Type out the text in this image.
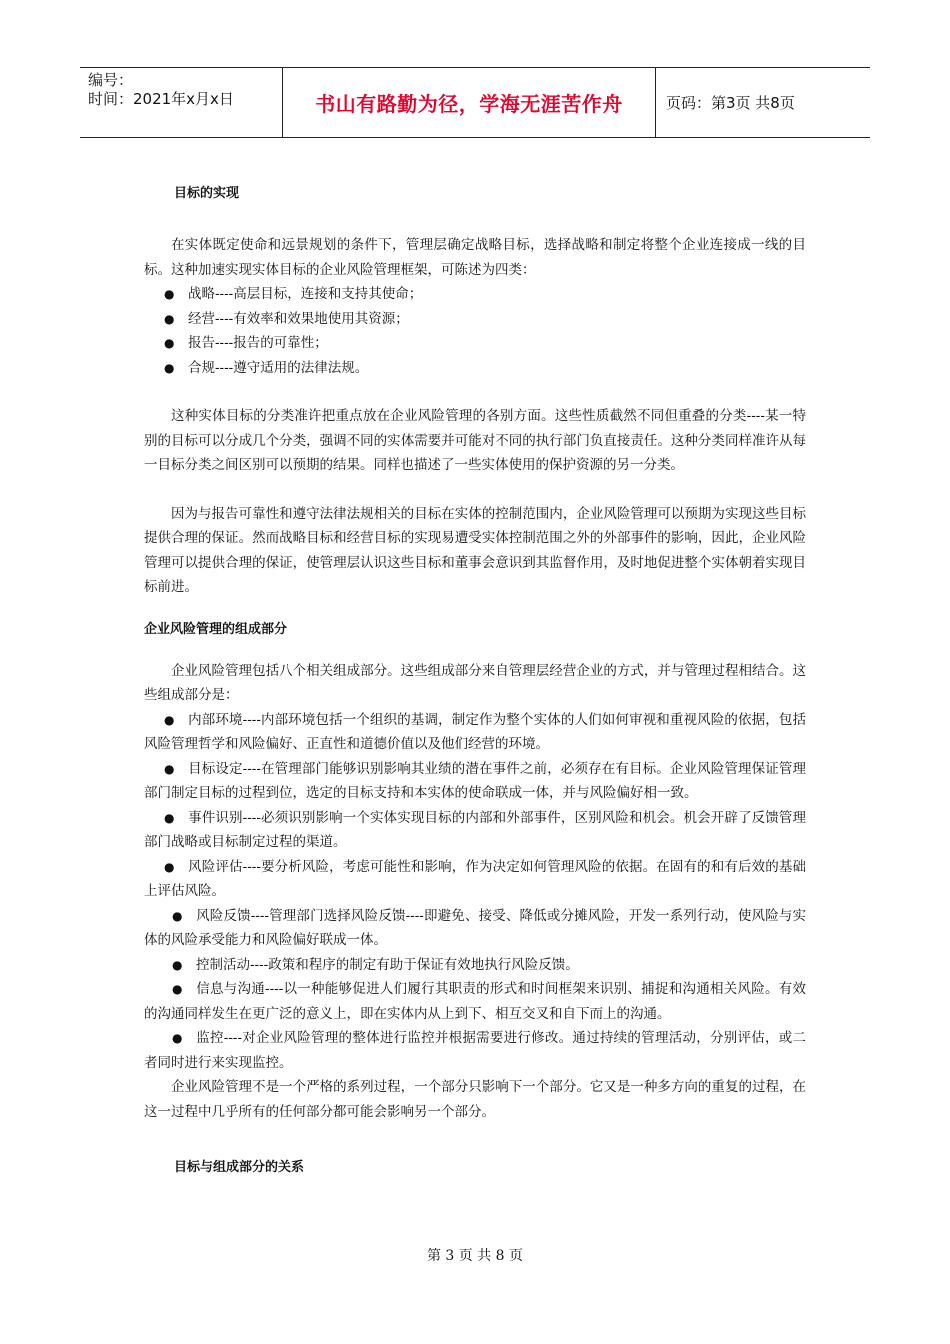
编号：
时间：2021年x月x日	书山有路勤为径，学海无涯苦作舟	页码：第3页 共8页
目标的实现

在实体既定使命和远景规划的条件下，管理层确定战略目标，选择战略和制定将整个企业连接成一线的目标。这种加速实现实体目标的企业风险管理框架，可陈述为四类：

● 战略----高层目标，连接和支持其使命；

● 经营----有效率和效果地使用其资源；

● 报告----报告的可靠性；

● 合规----遵守适用的法律法规。

这种实体目标的分类准许把重点放在企业风险管理的各别方面。这些性质截然不同但重叠的分类----某一特别的目标可以分成几个分类，强调不同的实体需要并可能对不同的执行部门负直接责任。这种分类同样准许从每一目标分类之间区别可以预期的结果。同样也描述了一些实体使用的保护资源的另一分类。

因为与报告可靠性和遵守法律法规相关的目标在实体的控制范围内，企业风险管理可以预期为实现这些目标提供合理的保证。然而战略目标和经营目标的实现易遭受实体控制范围之外的外部事件的影响，因此，企业风险管理可以提供合理的保证，使管理层认识这些目标和董事会意识到其监督作用，及时地促进整个实体朝着实现目标前进。

企业风险管理的组成部分

企业风险管理包括八个相关组成部分。这些组成部分来自管理层经营企业的方式，并与管理过程相结合。这些组成部分是：

● 内部环境----内部环境包括一个组织的基调，制定作为整个实体的人们如何审视和重视风险的依据，包括风险管理哲学和风险偏好、正直性和道德价值以及他们经营的环境。

● 目标设定----在管理部门能够识别影响其业绩的潜在事件之前，必须存在有目标。企业风险管理保证管理部门制定目标的过程到位，选定的目标支持和本实体的使命联成一体，并与风险偏好相一致。

● 事件识别----必须识别影响一个实体实现目标的内部和外部事件，区别风险和机会。机会开辟了反馈管理部门战略或目标制定过程的渠道。

● 风险评估----要分析风险，考虑可能性和影响，作为决定如何管理风险的依据。在固有的和有后效的基础上评估风险。

● 风险反馈----管理部门选择风险反馈----即避免、接受、降低或分摊风险，开发一系列行动，使风险与实体的风险承受能力和风险偏好联成一体。

● 控制活动----政策和程序的制定有助于保证有效地执行风险反馈。

● 信息与沟通----以一种能够促进人们履行其职责的形式和时间框架来识别、捕捉和沟通相关风险。有效的沟通同样发生在更广泛的意义上，即在实体内从上到下、相互交叉和自下而上的沟通。

● 监控----对企业风险管理的整体进行监控并根据需要进行修改。通过持续的管理活动，分别评估，或二者同时进行来实现监控。

企业风险管理不是一个严格的系列过程，一个部分只影响下一个部分。它又是一种多方向的重复的过程，在这一过程中几乎所有的任何部分都可能会影响另一个部分。

目标与组成部分的关系
第 3 页 共 8 页
